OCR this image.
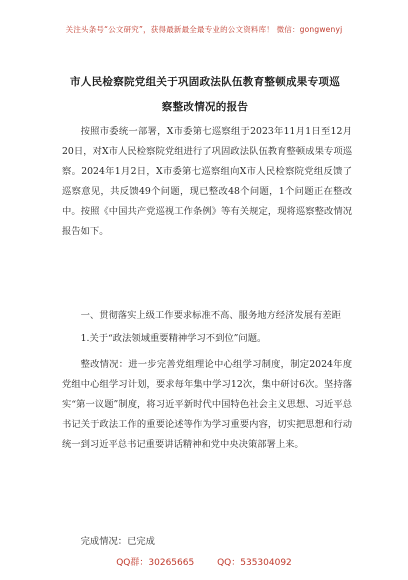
关注头条号“公文研究”，获得最新最全最专业的公文资料库！ 微信：gongwenyj
市人民检察院党组关于巩固政法队伍教育整顿成果专项巡
察整改情况的报告

按照市委统一部署，X市委第七巡察组于2023年11月1日至12月20日，对X市人民检察院党组进行了巩固政法队伍教育整顿成果专项巡察。2024年1月2日，X市委第七巡察组向X市人民检察院党组反馈了巡察意见，共反馈49个问题，现已整改48个问题，1个问题正在整改中。按照《中国共产党巡视工作条例》等有关规定，现将巡察整改情况报告如下。

一、贯彻落实上级工作要求标准不高、服务地方经济发展有差距

1.关于“政法领域重要精神学习不到位”问题。

整改情况：进一步完善党组理论中心组学习制度，制定2024年度党组中心组学习计划，要求每年集中学习12次，集中研讨6次。坚持落实“第一议题”制度，将习近平新时代中国特色社会主义思想、习近平总书记关于政法工作的重要论述等作为学习重要内容，切实把思想和行动统一到习近平总书记重要讲话精神和党中央决策部署上来。

完成情况：已完成

QQ群：30265665	QQ：535304092
